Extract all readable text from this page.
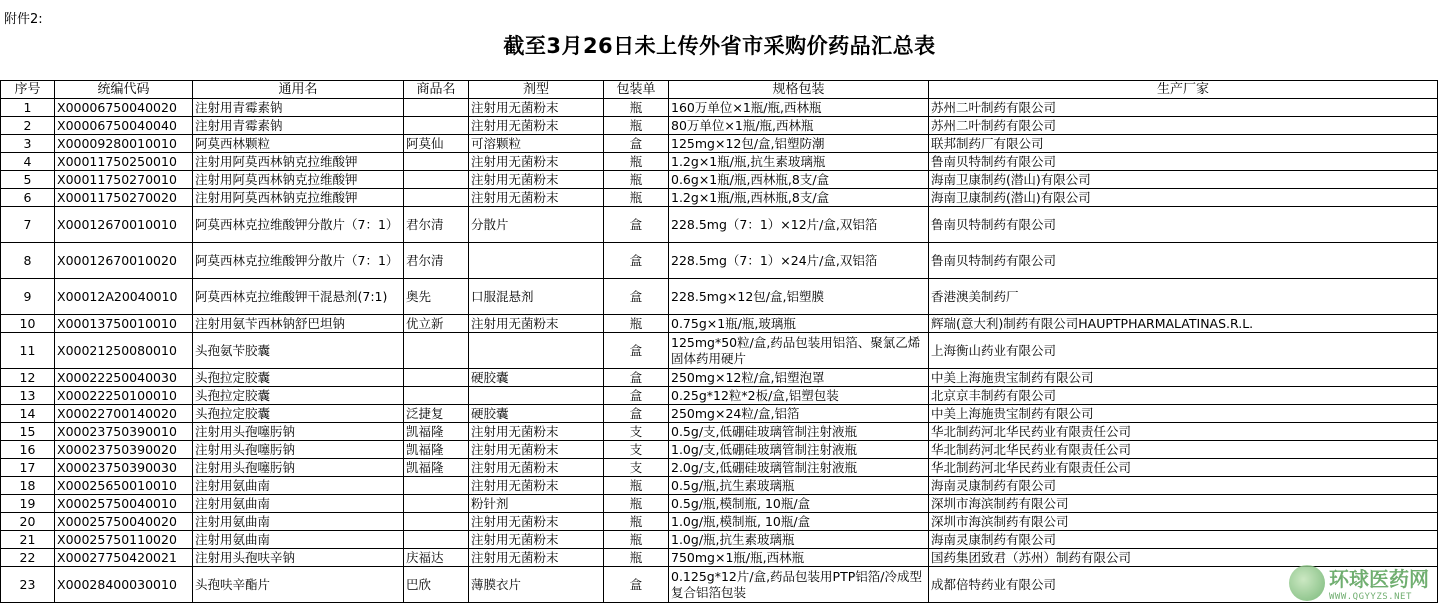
附件2:
截至3月26日未上传外省市采购价药品汇总表
序号	统编代码	通用名	商品名	剂型	包装单	规格包装	生产厂家
1	X00006750040020	注射用青霉素钠		注射用无菌粉末	瓶	160万单位×1瓶/瓶,西林瓶	苏州二叶制药有限公司
2	X00006750040040	注射用青霉素钠		注射用无菌粉末	瓶	80万单位×1瓶/瓶,西林瓶	苏州二叶制药有限公司
3	X00009280010010	阿莫西林颗粒	阿莫仙	可溶颗粒	盒	125mg×12包/盒,铝塑防潮	联邦制药厂有限公司
4	X00011750250010	注射用阿莫西林钠克拉维酸钾		注射用无菌粉末	瓶	1.2g×1瓶/瓶,抗生素玻璃瓶	鲁南贝特制药有限公司
5	X00011750270010	注射用阿莫西林钠克拉维酸钾		注射用无菌粉末	瓶	0.6g×1瓶/瓶,西林瓶,8支/盒	海南卫康制药(潜山)有限公司
6	X00011750270020	注射用阿莫西林钠克拉维酸钾		注射用无菌粉末	瓶	1.2g×1瓶/瓶,西林瓶,8支/盒	海南卫康制药(潜山)有限公司
7	X00012670010010	阿莫西林克拉维酸钾分散片（7：1）	君尔清	分散片	盒	228.5mg（7：1）×12片/盒,双铝箔	鲁南贝特制药有限公司
8	X00012670010020	阿莫西林克拉维酸钾分散片（7：1）	君尔清		盒	228.5mg（7：1）×24片/盒,双铝箔	鲁南贝特制药有限公司
9	X00012A20040010	阿莫西林克拉维酸钾干混悬剂(7:1)	奥先	口服混悬剂	盒	228.5mg×12包/盒,铝塑膜	香港澳美制药厂
10	X00013750010010	注射用氨苄西林钠舒巴坦钠	优立新	注射用无菌粉末	瓶	0.75g×1瓶/瓶,玻璃瓶	辉瑞(意大利)制药有限公司HAUPTPHARMALATINAS.R.L.
11	X00021250080010	头孢氨苄胶囊			盒	125mg*50粒/盒,药品包装用铝箔、聚氯乙烯固体药用硬片	上海衡山药业有限公司
12	X00022250040030	头孢拉定胶囊		硬胶囊	盒	250mg×12粒/盒,铝塑泡罩	中美上海施贵宝制药有限公司
13	X00022250100010	头孢拉定胶囊			盒	0.25g*12粒*2板/盒,铝塑包装	北京京丰制药有限公司
14	X00022700140020	头孢拉定胶囊	泛捷复	硬胶囊	盒	250mg×24粒/盒,铝箔	中美上海施贵宝制药有限公司
15	X00023750390010	注射用头孢噻肟钠	凯福隆	注射用无菌粉末	支	0.5g/支,低硼硅玻璃管制注射液瓶	华北制药河北华民药业有限责任公司
16	X00023750390020	注射用头孢噻肟钠	凯福隆	注射用无菌粉末	支	1.0g/支,低硼硅玻璃管制注射液瓶	华北制药河北华民药业有限责任公司
17	X00023750390030	注射用头孢噻肟钠	凯福隆	注射用无菌粉末	支	2.0g/支,低硼硅玻璃管制注射液瓶	华北制药河北华民药业有限责任公司
18	X00025650010010	注射用氨曲南		注射用无菌粉末	瓶	0.5g/瓶,抗生素玻璃瓶	海南灵康制药有限公司
19	X00025750040010	注射用氨曲南		粉针剂	瓶	0.5g/瓶,模制瓶, 10瓶/盒	深圳市海滨制药有限公司
20	X00025750040020	注射用氨曲南		注射用无菌粉末	瓶	1.0g/瓶,模制瓶, 10瓶/盒	深圳市海滨制药有限公司
21	X00025750110020	注射用氨曲南		注射用无菌粉末	瓶	1.0g/瓶,抗生素玻璃瓶	海南灵康制药有限公司
22	X00027750420021	注射用头孢呋辛钠	庆福达	注射用无菌粉末	瓶	750mg×1瓶/瓶,西林瓶	国药集团致君（苏州）制药有限公司
23	X00028400030010	头孢呋辛酯片	巴欣	薄膜衣片	盒	0.125g*12片/盒,药品包装用PTP铝箔/冷成型复合铝箔包装	成都倍特药业有限公司	环球医药网
WWW.QGYYZS.NET
